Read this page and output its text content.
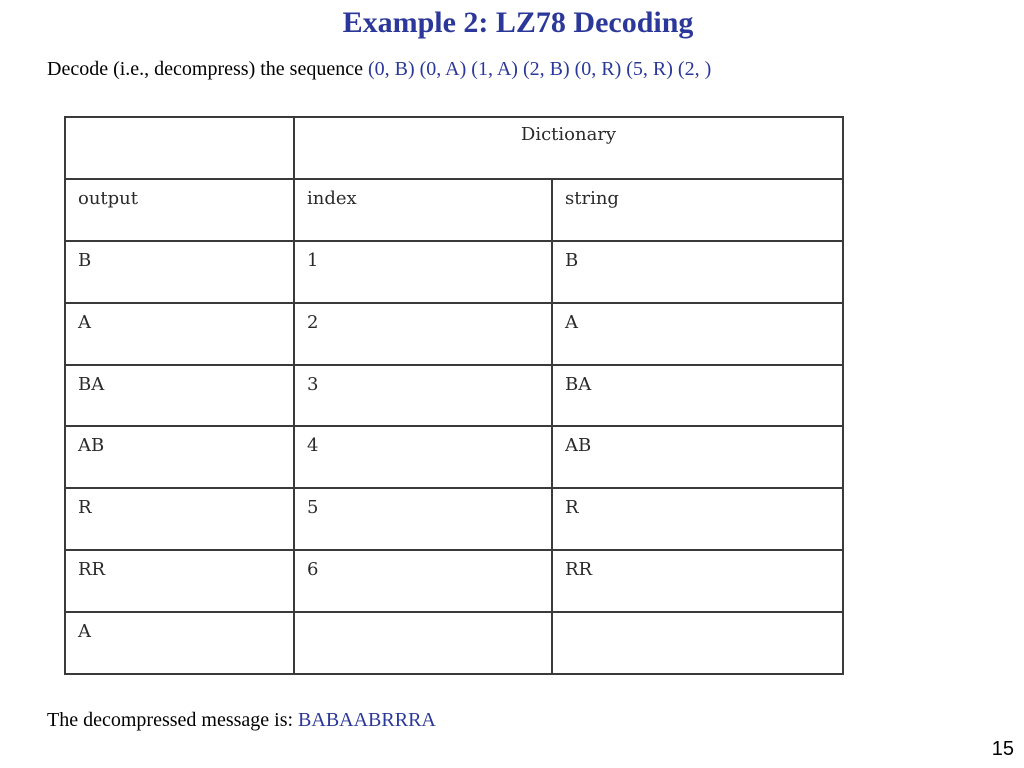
Example 2: LZ78 Decoding
Decode (i.e., decompress) the sequence (0, B) (0, A) (1, A) (2, B) (0, R) (5, R) (2, )
	Dictionary	
output	index	string
B	1	B
A	2	A
BA	3	BA
AB	4	AB
R	5	R
RR	6	RR
A		
The decompressed message is: BABAABRRRA
15
